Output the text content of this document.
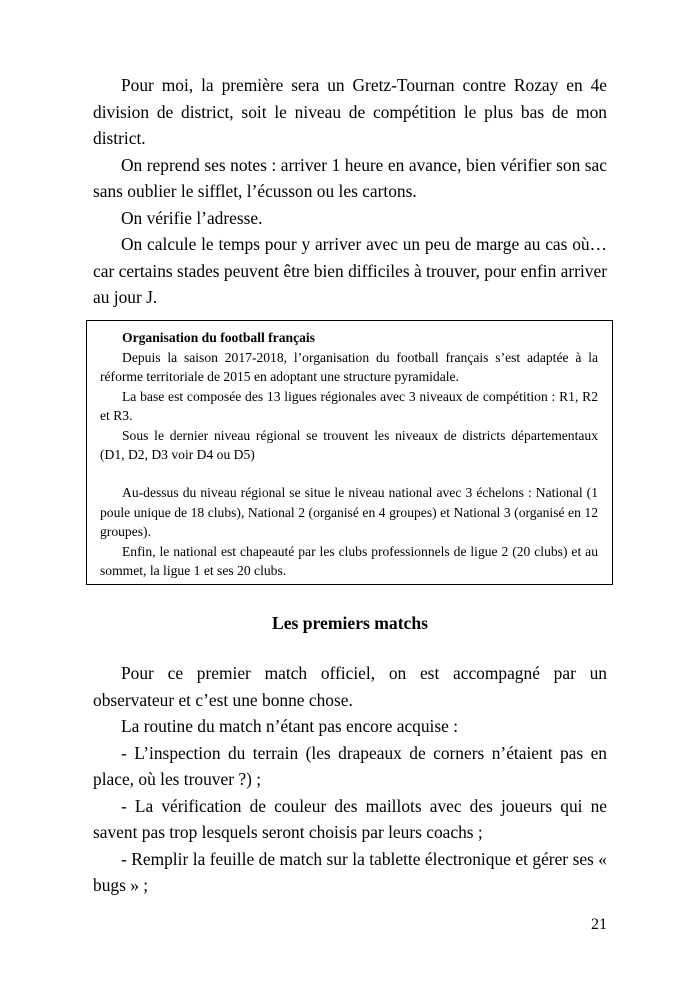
Pour moi, la première sera un Gretz-Tournan contre Rozay en 4e division de district, soit le niveau de compétition le plus bas de mon district.

On reprend ses notes : arriver 1 heure en avance, bien vérifier son sac sans oublier le sifflet, l’écusson ou les cartons.

On vérifie l’adresse.

On calcule le temps pour y arriver avec un peu de marge au cas où… car certains stades peuvent être bien difficiles à trouver, pour enfin arriver au jour J.

Organisation du football français

Depuis la saison 2017-2018, l’organisation du football français s’est adaptée à la réforme territoriale de 2015 en adoptant une structure pyramidale.

La base est composée des 13 ligues régionales avec 3 niveaux de compétition : R1, R2 et R3.

Sous le dernier niveau régional se trouvent les niveaux de districts départementaux (D1, D2, D3 voir D4 ou D5)

Au-dessus du niveau régional se situe le niveau national avec 3 échelons : National (1 poule unique de 18 clubs), National 2 (organisé en 4 groupes) et National 3 (organisé en 12 groupes).

Enfin, le national est chapeauté par les clubs professionnels de ligue 2 (20 clubs) et au sommet, la ligue 1 et ses 20 clubs.

Les premiers matchs

Pour ce premier match officiel, on est accompagné par un observateur et c’est une bonne chose.

La routine du match n’étant pas encore acquise :

- L’inspection du terrain (les drapeaux de corners n’étaient pas en place, où les trouver ?) ;

- La vérification de couleur des maillots avec des joueurs qui ne savent pas trop lesquels seront choisis par leurs coachs ;

- Remplir la feuille de match sur la tablette électronique et gérer ses « bugs » ;

21
